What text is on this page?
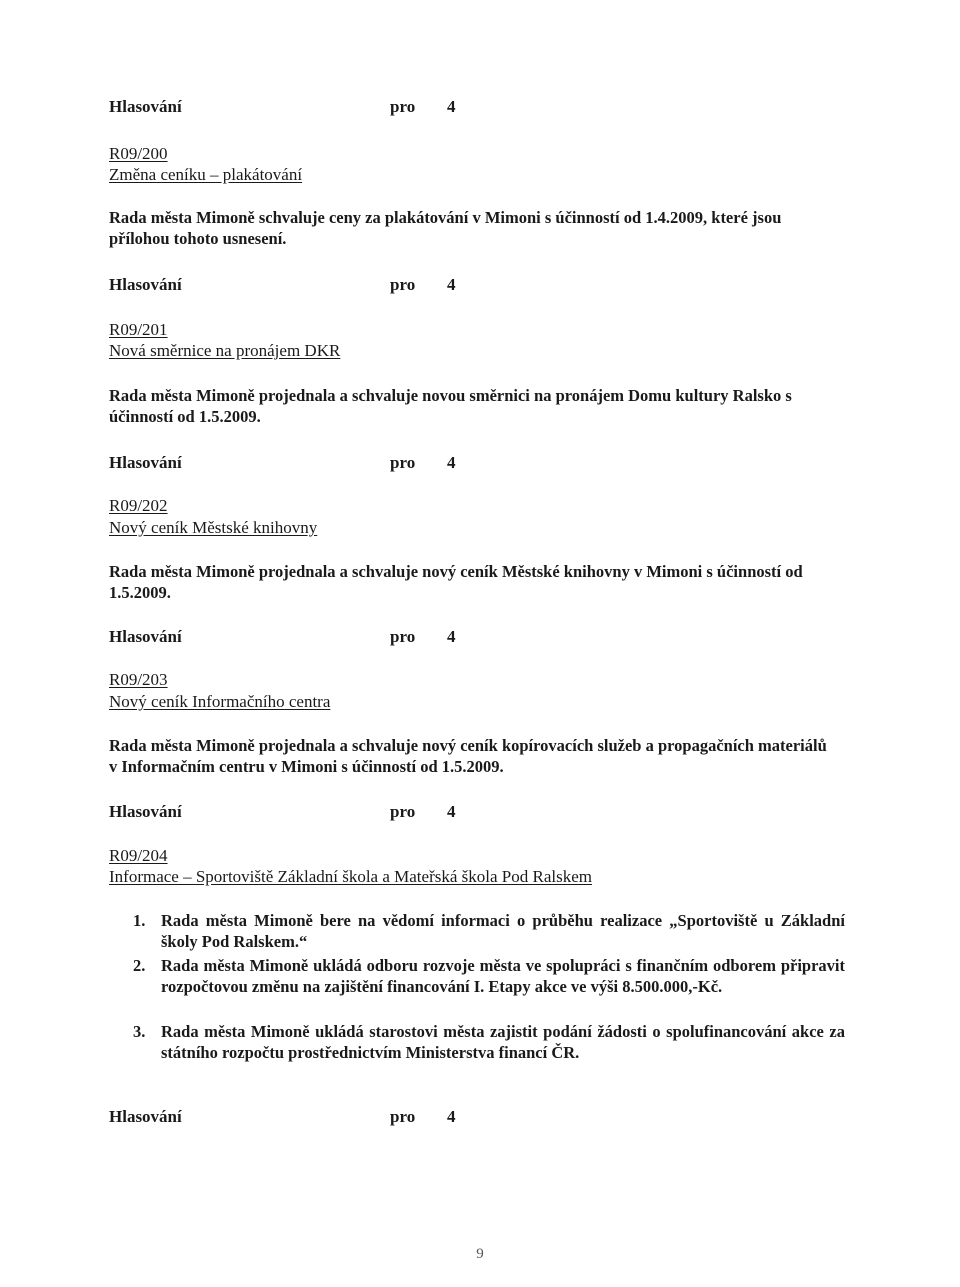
Hlasování	pro 4
R09/200
Změna ceníku – plakátování
Rada města Mimoně schvaluje ceny za plakátování v Mimoni s účinností od 1.4.2009, které jsou přílohou tohoto usnesení.
Hlasování	pro 4
R09/201
Nová směrnice na pronájem DKR
Rada města Mimoně projednala a schvaluje novou směrnici na pronájem Domu kultury Ralsko s účinností od 1.5.2009.
Hlasování	pro 4
R09/202
Nový ceník Městské knihovny
Rada města Mimoně projednala a schvaluje nový ceník Městské knihovny v Mimoni s účinností od 1.5.2009.
Hlasování	pro 4
R09/203
Nový ceník Informačního centra
Rada města Mimoně projednala a schvaluje nový ceník kopírovacích služeb a propagačních materiálů v Informačním centru v Mimoni s účinností od 1.5.2009.
Hlasování	pro 4
R09/204
Informace – Sportoviště Základní škola a Mateřská škola Pod Ralskem
1. Rada města Mimoně bere na vědomí informaci o průběhu realizace „Sportoviště u Základní školy Pod Ralskem.“
2. Rada města Mimoně ukládá odboru rozvoje města ve spolupráci s finančním odborem připravit rozpočtovou změnu na zajištění financování I. Etapy akce ve výši 8.500.000,-Kč.
3. Rada města Mimoně ukládá starostovi města zajistit podání žádosti o spolufinancování akce za státního rozpočtu prostřednictvím Ministerstva financí ČR.
Hlasování	pro 4
9
